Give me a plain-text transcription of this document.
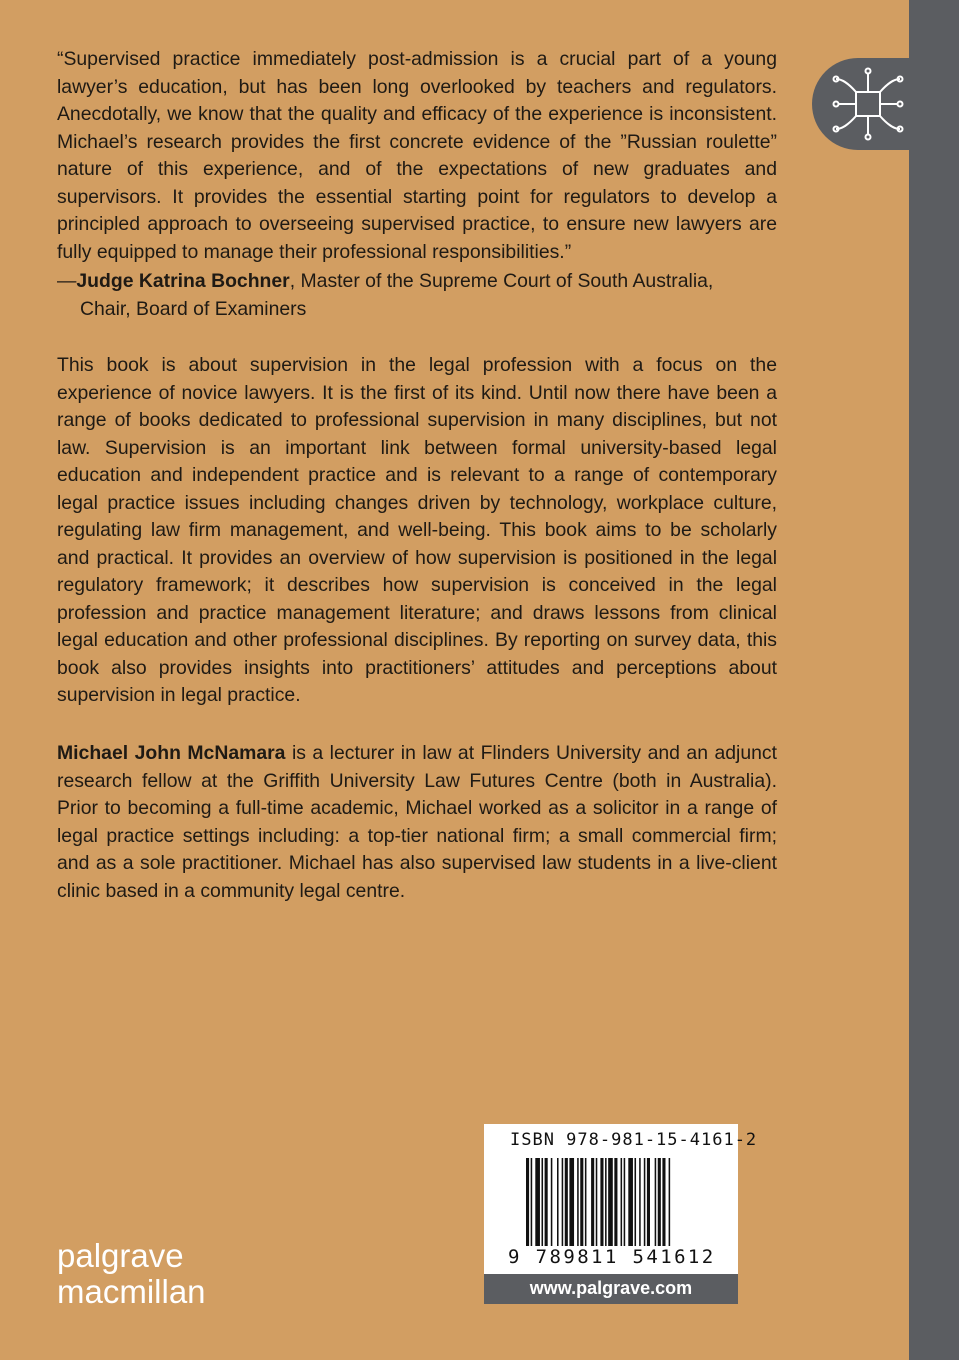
“Supervised practice immediately post-admission is a crucial part of a young lawyer’s education, but has been long overlooked by teachers and regulators. Anecdotally, we know that the quality and efficacy of the experience is inconsistent. Michael’s research provides the first concrete evidence of the ”Russian roulette” nature of this experience, and of the expectations of new graduates and supervisors. It provides the essential starting point for regulators to develop a principled approach to overseeing supervised practice, to ensure new lawyers are fully equipped to manage their professional responsibilities.”

—Judge Katrina Bochner, Master of the Supreme Court of South Australia,
Chair, Board of Examiners

This book is about supervision in the legal profession with a focus on the experience of novice lawyers. It is the first of its kind. Until now there have been a range of books dedicated to professional supervision in many disciplines, but not law. Supervision is an important link between formal university-based legal education and independent practice and is relevant to a range of contemporary legal practice issues including changes driven by technology, workplace culture, regulating law firm management, and well-being. This book aims to be scholarly and practical. It provides an overview of how supervision is positioned in the legal regulatory framework; it describes how supervision is conceived in the legal profession and practice management literature; and draws lessons from clinical legal education and other professional disciplines. By reporting on survey data, this book also provides insights into practitioners’ attitudes and perceptions about supervision in legal practice.

Michael John McNamara is a lecturer in law at Flinders University and an adjunct research fellow at the Griffith University Law Futures Centre (both in Australia). Prior to becoming a full-time academic, Michael worked as a solicitor in a range of legal practice settings including: a top-tier national firm; a small commercial firm; and as a sole practitioner. Michael has also supervised law students in a live-client clinic based in a community legal centre.

ISBN 978-981-15-4161-2
9 789811 541612
www.palgrave.com
palgrave
macmillan
